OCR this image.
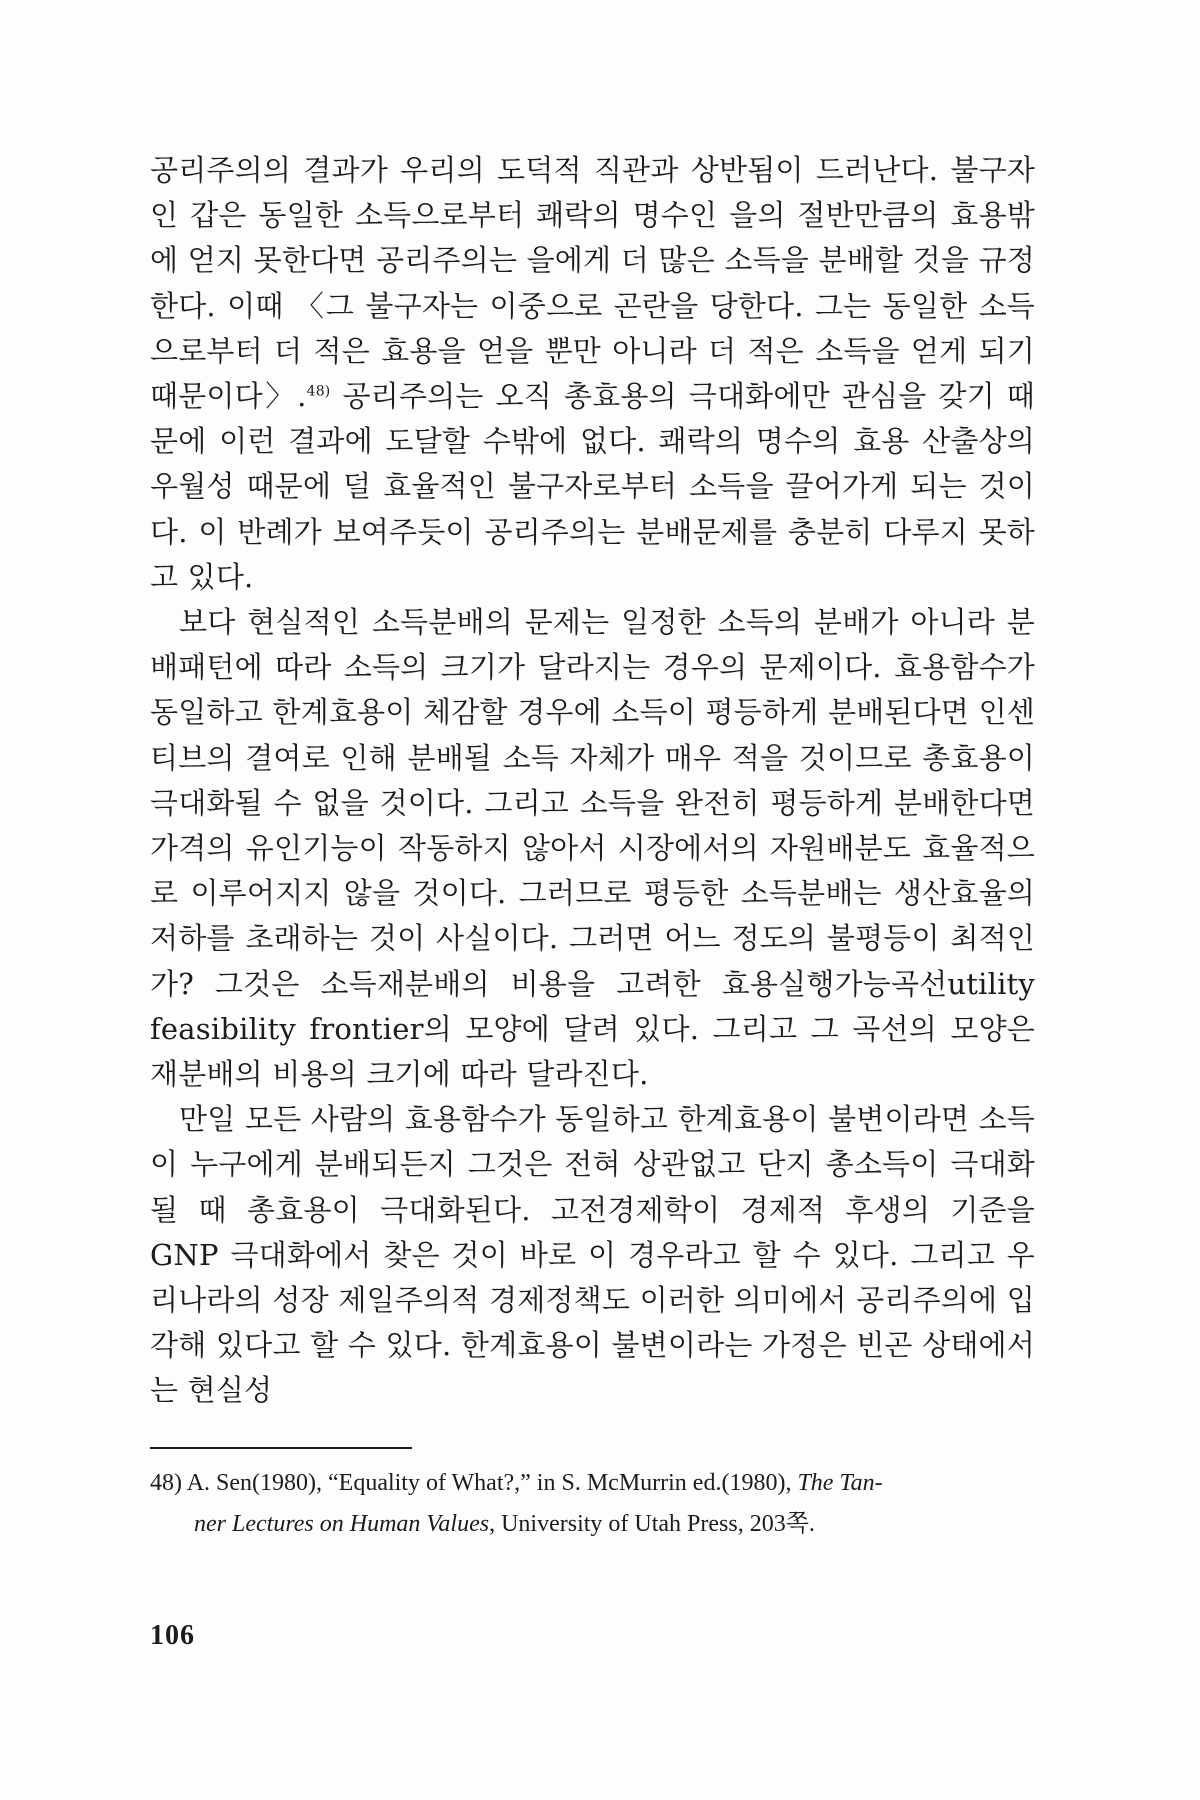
공리주의의 결과가 우리의 도덕적 직관과 상반됨이 드러난다. 불구자인 갑은 동일한 소득으로부터 쾌락의 명수인 을의 절반만큼의 효용밖에 얻지 못한다면 공리주의는 을에게 더 많은 소득을 분배할 것을 규정한다. 이때 〈그 불구자는 이중으로 곤란을 당한다. 그는 동일한 소득으로부터 더 적은 효용을 얻을 뿐만 아니라 더 적은 소득을 얻게 되기 때문이다〉.$^{48)}$ 공리주의는 오직 총효용의 극대화에만 관심을 갖기 때문에 이런 결과에 도달할 수밖에 없다. 쾌락의 명수의 효용 산출상의 우월성 때문에 덜 효율적인 불구자로부터 소득을 끌어가게 되는 것이다. 이 반례가 보여주듯이 공리주의는 분배문제를 충분히 다루지 못하고 있다.

보다 현실적인 소득분배의 문제는 일정한 소득의 분배가 아니라 분배패턴에 따라 소득의 크기가 달라지는 경우의 문제이다. 효용함수가 동일하고 한계효용이 체감할 경우에 소득이 평등하게 분배된다면 인센티브의 결여로 인해 분배될 소득 자체가 매우 적을 것이므로 총효용이 극대화될 수 없을 것이다. 그리고 소득을 완전히 평등하게 분배한다면 가격의 유인기능이 작동하지 않아서 시장에서의 자원배분도 효율적으로 이루어지지 않을 것이다. 그러므로 평등한 소득분배는 생산효율의 저하를 초래하는 것이 사실이다. 그러면 어느 정도의 불평등이 최적인가? 그것은 소득재분배의 비용을 고려한 효용실행가능곡선utility feasibility frontier의 모양에 달려 있다. 그리고 그 곡선의 모양은 재분배의 비용의 크기에 따라 달라진다.

만일 모든 사람의 효용함수가 동일하고 한계효용이 불변이라면 소득이 누구에게 분배되든지 그것은 전혀 상관없고 단지 총소득이 극대화될 때 총효용이 극대화된다. 고전경제학이 경제적 후생의 기준을 GNP 극대화에서 찾은 것이 바로 이 경우라고 할 수 있다. 그리고 우리나라의 성장 제일주의적 경제정책도 이러한 의미에서 공리주의에 입각해 있다고 할 수 있다. 한계효용이 불변이라는 가정은 빈곤 상태에서는 현실성

48) A. Sen(1980), “Equality of What?,” in S. McMurrin ed.(1980), The Tan-
ner Lectures on Human Values, University of Utah Press, 203쪽.
106
